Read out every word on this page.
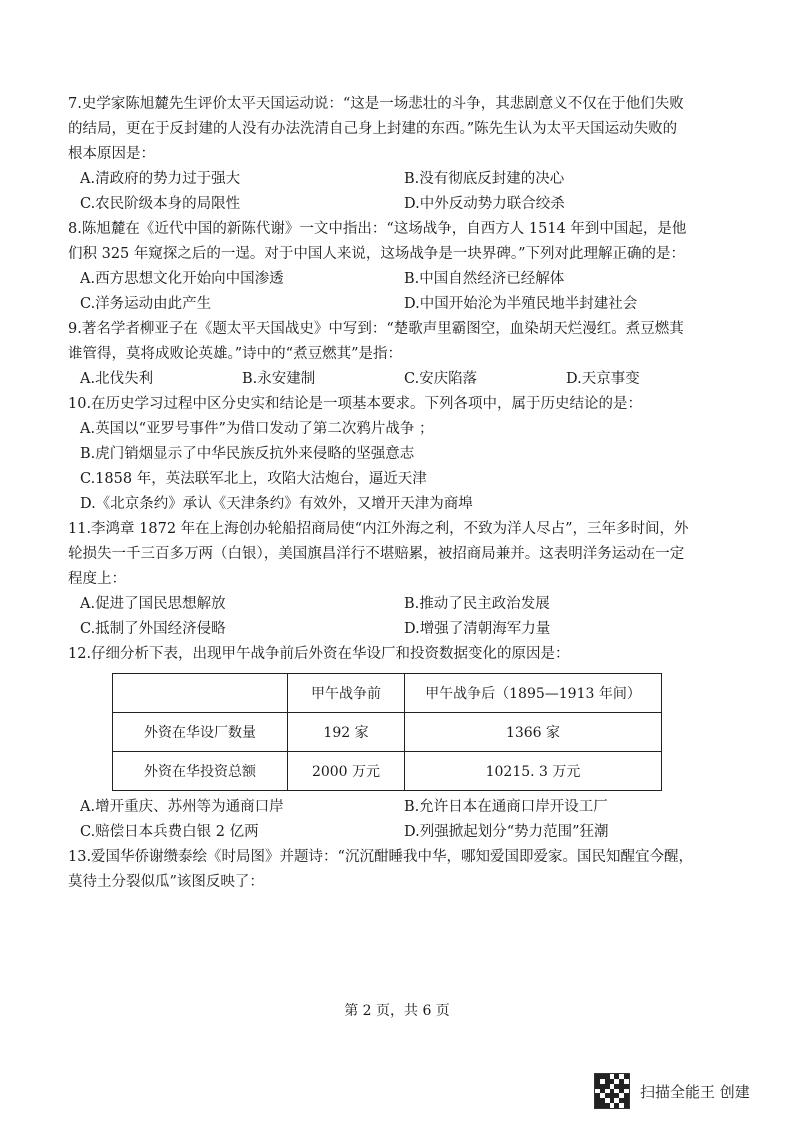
7.史学家陈旭麓先生评价太平天国运动说：“这是一场悲壮的斗争，其悲剧意义不仅在于他们失败
的结局，更在于反封建的人没有办法洗清自己身上封建的东西。”陈先生认为太平天国运动失败的
根本原因是：
A.清政府的势力过于强大	B.没有彻底反封建的决心
C.农民阶级本身的局限性	D.中外反动势力联合绞杀
8.陈旭麓在《近代中国的新陈代谢》一文中指出：“这场战争，自西方人 1514 年到中国起，是他
们积 325 年窥探之后的一逞。对于中国人来说，这场战争是一块界碑。”下列对此理解正确的是：
A.西方思想文化开始向中国渗透	B.中国自然经济已经解体
C.洋务运动由此产生	D.中国开始沦为半殖民地半封建社会
9.著名学者柳亚子在《题太平天国战史》中写到：“楚歌声里霸图空，血染胡天烂漫红。煮豆燃萁
谁管得，莫将成败论英雄。”诗中的“煮豆燃萁”是指：
A.北伐失利	B.永安建制	C.安庆陷落	D.天京事变
10.在历史学习过程中区分史实和结论是一项基本要求。下列各项中，属于历史结论的是：
A.英国以“亚罗号事件”为借口发动了第二次鸦片战争 ；
B.虎门销烟显示了中华民族反抗外来侵略的坚强意志
C.1858 年，英法联军北上，攻陷大沽炮台，逼近天津
D.《北京条约》承认《天津条约》有效外，又增开天津为商埠
11.李鸿章 1872 年在上海创办轮船招商局使“内江外海之利，不致为洋人尽占”，三年多时间，外
轮损失一千三百多万两（白银），美国旗昌洋行不堪赔累，被招商局兼并。这表明洋务运动在一定
程度上：
A.促进了国民思想解放	B.推动了民主政治发展
C.抵制了外国经济侵略	D.增强了清朝海军力量
12.仔细分析下表，出现甲午战争前后外资在华设厂和投资数据变化的原因是：
	甲午战争前	甲午战争后（1895—1913 年间）
外资在华设厂数量	192 家	1366 家
外资在华投资总额	2000 万元	10215. 3 万元
A.增开重庆、苏州等为通商口岸	B.允许日本在通商口岸开设工厂
C.赔偿日本兵费白银 2 亿两	D.列强掀起划分“势力范围”狂潮
13.爱国华侨谢缵泰绘《时局图》并题诗：“沉沉酣睡我中华，哪知爱国即爱家。国民知醒宜今醒，
莫待土分裂似瓜”该图反映了：
第 2 页，共 6 页
扫描全能王 创建
